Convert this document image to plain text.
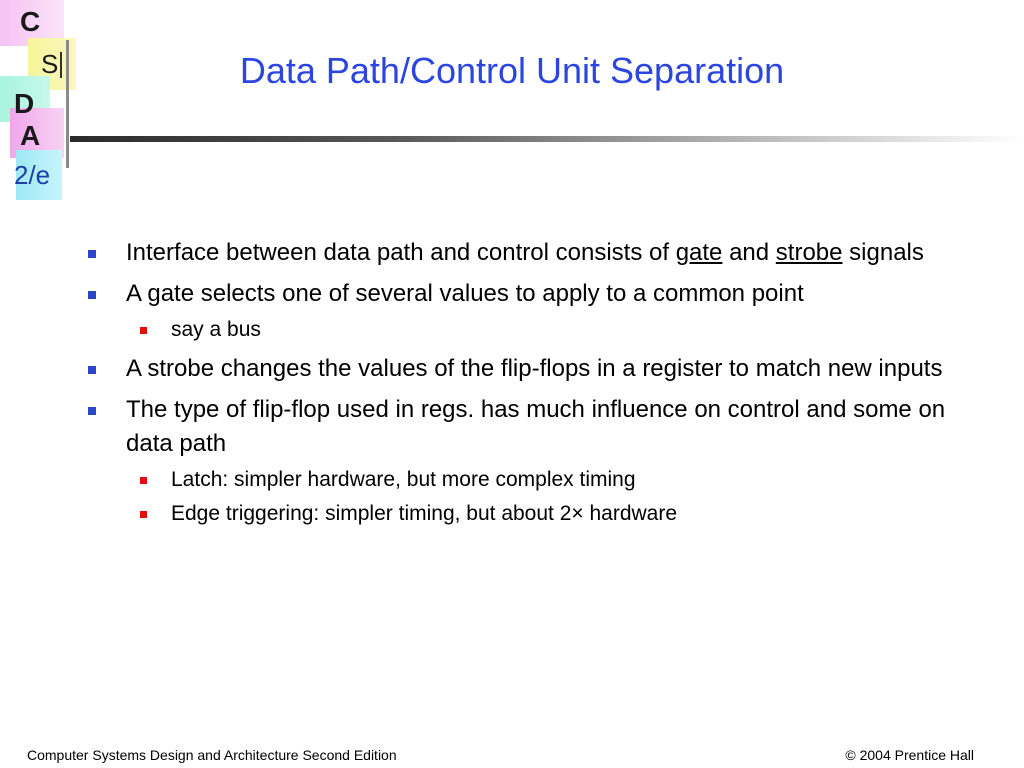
C
S
D
A
2/e
Data Path/Control Unit Separation
Interface between data path and control consists of gate and strobe signals
A gate selects one of several values to apply to a common point
say a bus
A strobe changes the values of the flip-flops in a register to match new inputs
The type of flip-flop used in regs. has much influence on control and some on data path
Latch: simpler hardware, but more complex timing
Edge triggering: simpler timing, but about 2× hardware
Computer Systems Design and Architecture Second Edition	© 2004 Prentice Hall
